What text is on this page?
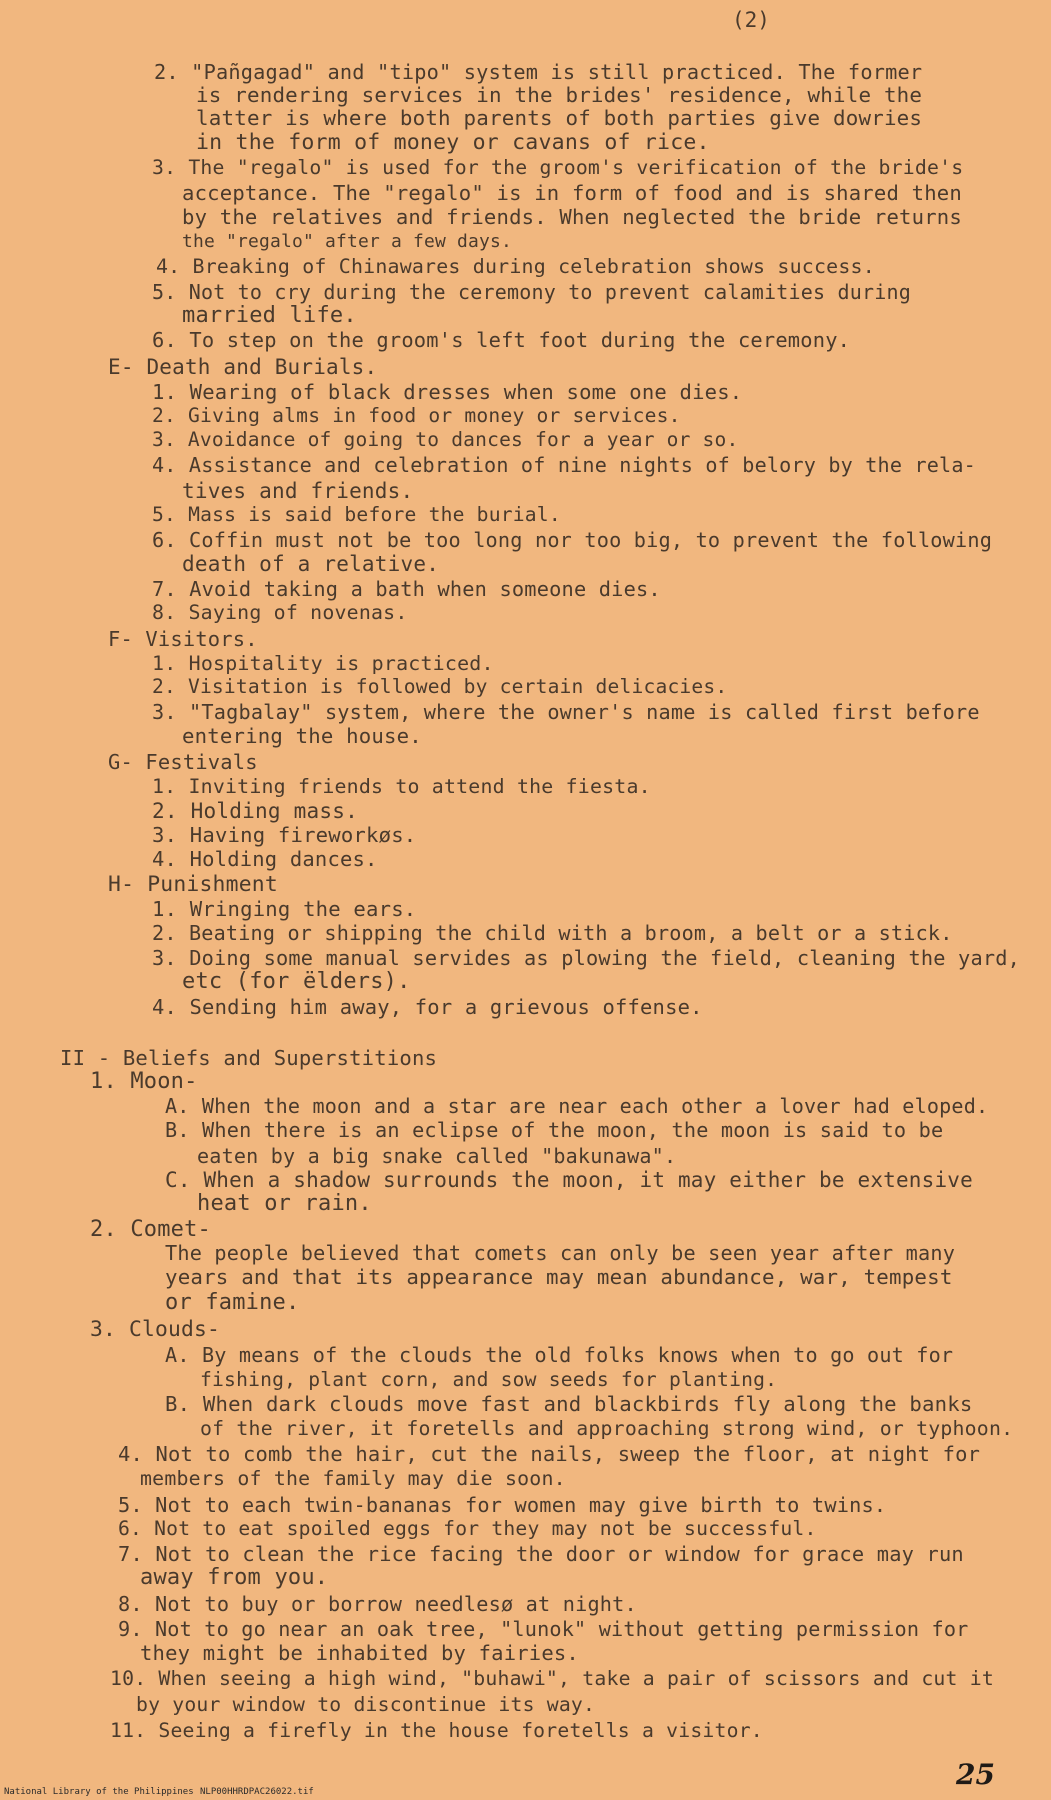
(2)
2. "Pañgagad" and "tipo" system is still practiced. The former
is rendering services in the brides' residence, while the
latter is where both parents of both parties give dowries
in the form of money or cavans of rice.
3. The "regalo" is used for the groom's verification of the bride's
acceptance. The "regalo" is in form of food and is shared then
by the relatives and friends. When neglected the bride returns
the "regalo" after a few days.
4. Breaking of Chinawares during celebration shows success.
5. Not to cry during the ceremony to prevent calamities during
married life.
6. To step on the groom's left foot during the ceremony.
E- Death and Burials.
1. Wearing of black dresses when some one dies.
2. Giving alms in food or money or services.
3. Avoidance of going to dances for a year or so.
4. Assistance and celebration of nine nights of belory by the rela-
tives and friends.
5. Mass is said before the burial.
6. Coffin must not be too long nor too big, to prevent the following
death of a relative.
7. Avoid taking a bath when someone dies.
8. Saying of novenas.
F- Visitors.
1. Hospitality is practiced.
2. Visitation is followed by certain delicacies.
3. "Tagbalay" system, where the owner's name is called first before
entering the house.
G- Festivals
1. Inviting friends to attend the fiesta.
2. Holding mass.
3. Having fireworkøs.
4. Holding dances.
H- Punishment
1. Wringing the ears.
2. Beating or shipping the child with a broom, a belt or a stick.
3. Doing some manual servides as plowing the field, cleaning the yard,
etc (for ëlders).
4. Sending him away, for a grievous offense.
II - Beliefs and Superstitions
1. Moon-
A. When the moon and a star are near each other a lover had eloped.
B. When there is an eclipse of the moon, the moon is said to be
eaten by a big snake called "bakunawa".
C. When a shadow surrounds the moon, it may either be extensive
heat or rain.
2. Comet-
The people believed that comets can only be seen year after many
years and that its appearance may mean abundance, war, tempest
or famine.
3. Clouds-
A. By means of the clouds the old folks knows when to go out for
fishing, plant corn, and sow seeds for planting.
B. When dark clouds move fast and blackbirds fly along the banks
of the river, it foretells and approaching strong wind, or typhoon.
4. Not to comb the hair, cut the nails, sweep the floor, at night for
members of the family may die soon.
5. Not to each twin-bananas for women may give birth to twins.
6. Not to eat spoiled eggs for they may not be successful.
7. Not to clean the rice facing the door or window for grace may run
away from you.
8. Not to buy or borrow needlesø at night.
9. Not to go near an oak tree, "lunok" without getting permission for
they might be inhabited by fairies.
10. When seeing a high wind, "buhawi", take a pair of scissors and cut it
by your window to discontinue its way.
11. Seeing a firefly in the house foretells a visitor.
25
National Library of the Philippines NLP00HHRDPAC26022.tif
